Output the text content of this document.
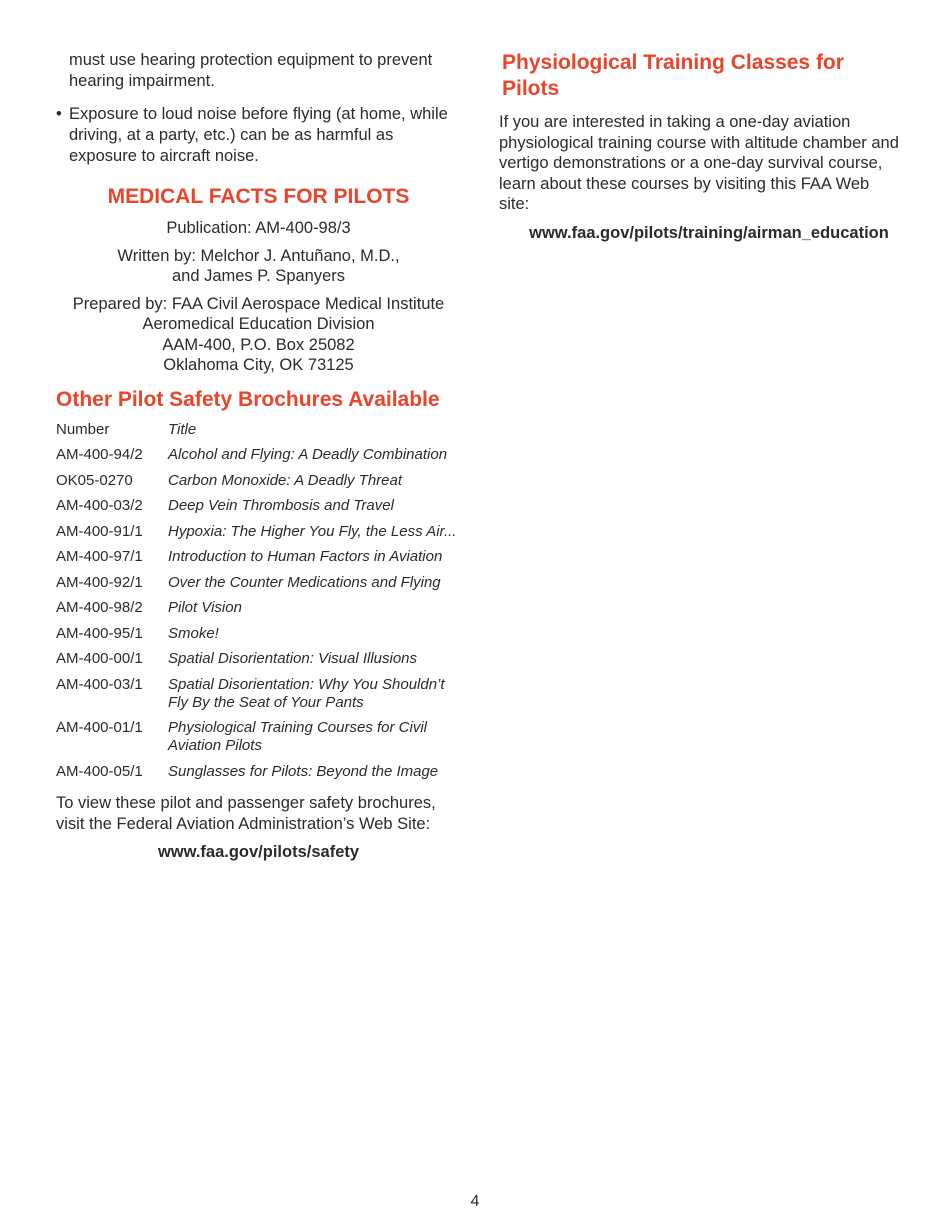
must use hearing protection equipment to prevent hearing impairment.

• Exposure to loud noise before flying (at home, while driving, at a party, etc.) can be as harmful as exposure to aircraft noise.
MEDICAL FACTS FOR PILOTS

Publication: AM-400-98/3

Written by: Melchor J. Antuñano, M.D.,
and James P. Spanyers

Prepared by: FAA Civil Aerospace Medical Institute
Aeromedical Education Division
AAM-400, P.O. Box 25082
Oklahoma City, OK 73125

Other Pilot Safety Brochures Available
Number	Title
AM-400-94/2	Alcohol and Flying: A Deadly Combination
OK05-0270	Carbon Monoxide: A Deadly Threat
AM-400-03/2	Deep Vein Thrombosis and Travel
AM-400-91/1	Hypoxia: The Higher You Fly, the Less Air...
AM-400-97/1	Introduction to Human Factors in Aviation
AM-400-92/1	Over the Counter Medications and Flying
AM-400-98/2	Pilot Vision
AM-400-95/1	Smoke!
AM-400-00/1	Spatial Disorientation: Visual Illusions
AM-400-03/1	Spatial Disorientation: Why You Shouldn’t Fly By the Seat of Your Pants
AM-400-01/1	Physiological Training Courses for Civil Aviation Pilots
AM-400-05/1	Sunglasses for Pilots: Beyond the Image

To view these pilot and passenger safety brochures, visit the Federal Aviation Administration’s Web Site:

www.faa.gov/pilots/safety

Physiological Training Classes for Pilots

If you are interested in taking a one-day aviation physiological training course with altitude chamber and vertigo demonstrations or a one-day survival course, learn about these courses by visiting this FAA Web site:

www.faa.gov/pilots/training/airman_education

4
